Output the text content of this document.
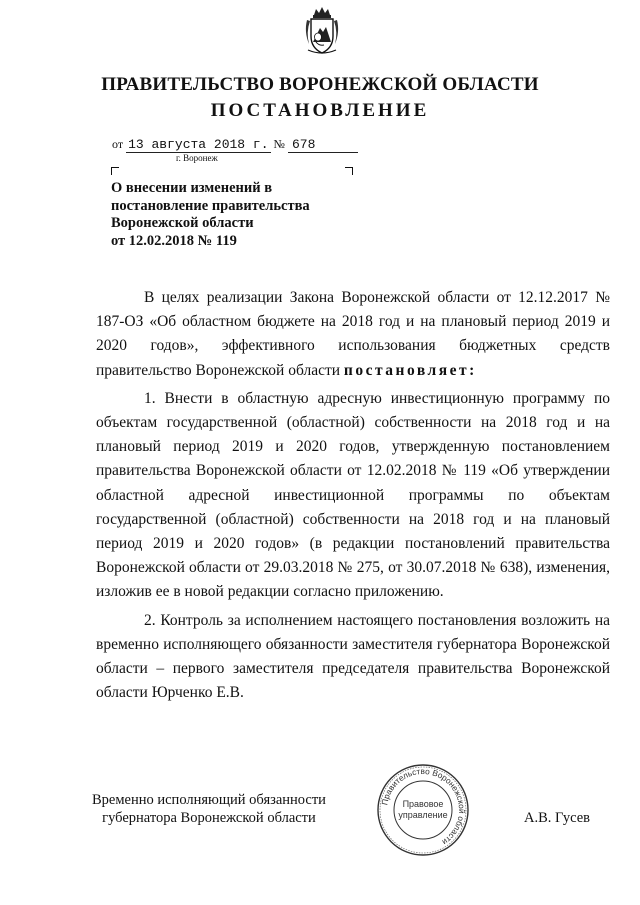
ПРАВИТЕЛЬСТВО ВОРОНЕЖСКОЙ ОБЛАСТИ
ПОСТАНОВЛЕНИЕ
от 13 августа 2018 г. № 678
г. Воронеж
О внесении изменений в
постановление правительства
Воронежской области
от 12.02.2018 № 119

В целях реализации Закона Воронежской области от 12.12.2017 № 187-ОЗ «Об областном бюджете на 2018 год и на плановый период 2019 и 2020 годов», эффективного использования бюджетных средств правительство Воронежской области постановляет:

1. Внести в областную адресную инвестиционную программу по объектам государственной (областной) собственности на 2018 год и на плановый период 2019 и 2020 годов, утвержденную постановлением правительства Воронежской области от 12.02.2018 № 119 «Об утверждении областной адресной инвестиционной программы по объектам государственной (областной) собственности на 2018 год и на плановый период 2019 и 2020 годов» (в редакции постановлений правительства Воронежской области от 29.03.2018 № 275, от 30.07.2018 № 638), изменения, изложив ее в новой редакции согласно приложению.

2. Контроль за исполнением настоящего постановления возложить на временно исполняющего обязанности заместителя губернатора Воронежской области – первого заместителя председателя правительства Воронежской области Юрченко Е.В.

Временно исполняющий обязанности
губернатора Воронежской области
Правительство Воронежской области
Правовое
управление	А.В. Гусев
